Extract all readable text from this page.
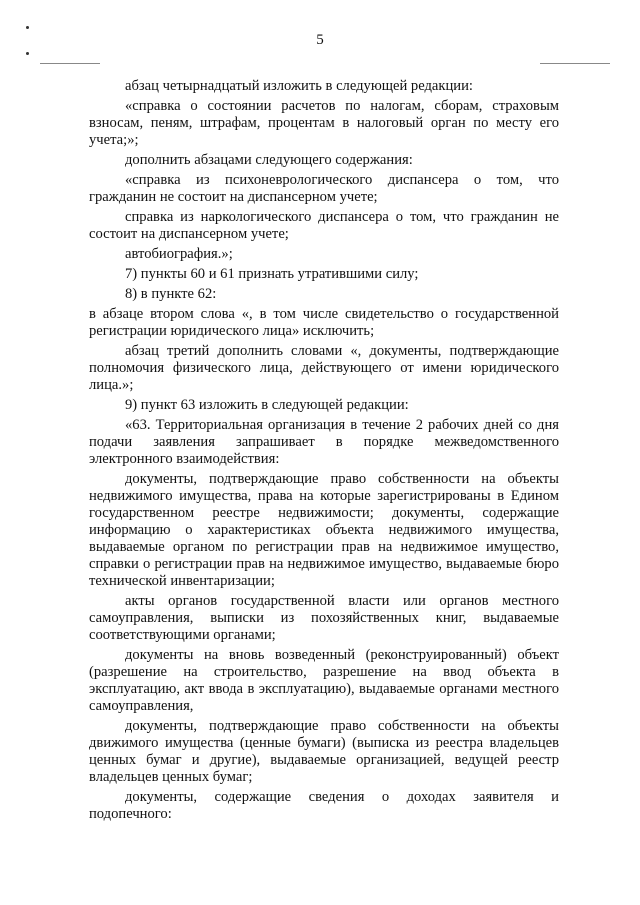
5

абзац четырнадцатый изложить в следующей редакции:

«справка о состоянии расчетов по налогам, сборам, страховым взносам, пеням, штрафам, процентам в налоговый орган по месту его учета;»;

дополнить абзацами следующего содержания:

«справка из психоневрологического диспансера о том, что гражданин не состоит на диспансерном учете;

справка из наркологического диспансера о том, что гражданин не состоит на диспансерном учете;

автобиография.»;

7) пункты 60 и 61 признать утратившими силу;

8) в пункте 62:

в абзаце втором слова «, в том числе свидетельство о государственной регистрации юридического лица» исключить;

абзац третий дополнить словами «, документы, подтверждающие полномочия физического лица, действующего от имени юридического лица.»;

9) пункт 63 изложить в следующей редакции:

«63. Территориальная организация в течение 2 рабочих дней со дня подачи заявления запрашивает в порядке межведомственного электронного взаимодействия:

документы, подтверждающие право собственности на объекты недвижимого имущества, права на которые зарегистрированы в Едином государственном реестре недвижимости; документы, содержащие информацию о характеристиках объекта недвижимого имущества, выдаваемые органом по регистрации прав на недвижимое имущество, справки о регистрации прав на недвижимое имущество, выдаваемые бюро технической инвентаризации;

акты органов государственной власти или органов местного самоуправления, выписки из похозяйственных книг, выдаваемые соответствующими органами;

документы на вновь возведенный (реконструированный) объект (разрешение на строительство, разрешение на ввод объекта в эксплуатацию, акт ввода в эксплуатацию), выдаваемые органами местного самоуправления,

документы, подтверждающие право собственности на объекты движимого имущества (ценные бумаги) (выписка из реестра владельцев ценных бумаг и другие), выдаваемые организацией, ведущей реестр владельцев ценных бумаг;

документы, содержащие сведения о доходах заявителя и подопечного:
